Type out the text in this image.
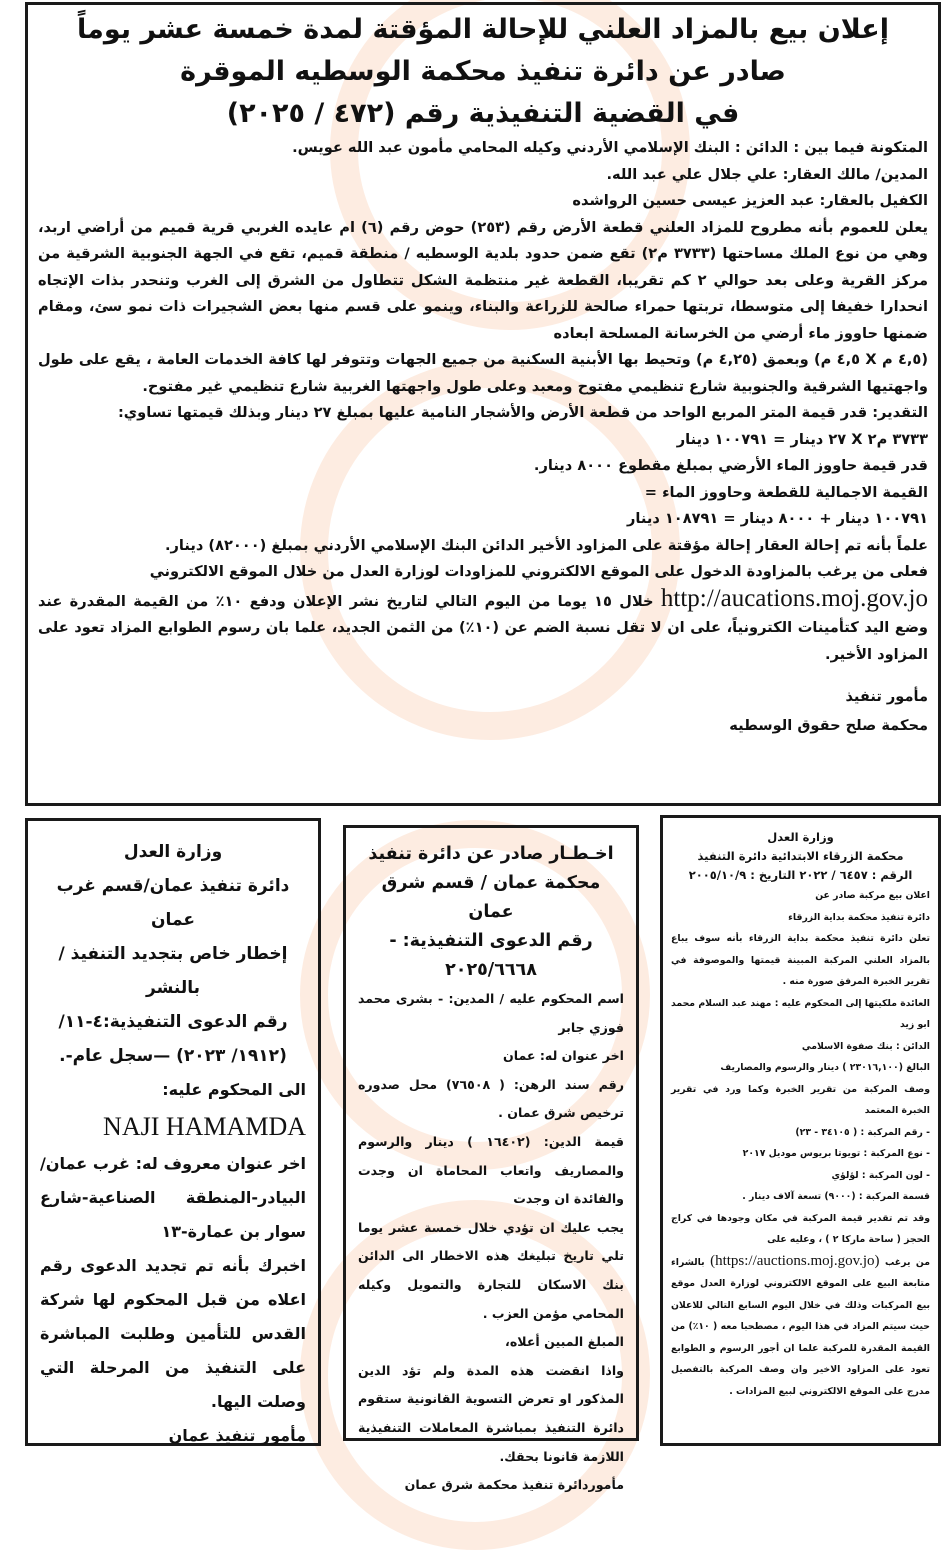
إعلان بيع بالمزاد العلني للإحالة المؤقتة لمدة خمسة عشر يوماً
صادر عن دائرة تنفيذ محكمة الوسطيه الموقرة
في القضية التنفيذية رقم (٤٧٢ / ٢٠٢٥)

المتكونة فيما بين : الدائن : البنك الإسلامي الأردني وكيله المحامي مأمون عبد الله عويس.

المدين/ مالك العقار: علي جلال علي عبد الله.

الكفيل بالعقار: عبد العزيز عيسى حسين الرواشده

يعلن للعموم بأنه مطروح للمزاد العلني قطعة الأرض رقم (٢٥٣) حوض رقم (٦) ام عايده الغربي قرية قميم من أراضي اربد، وهي من نوع الملك مساحتها (٣٧٣٣ م٢) تقع ضمن حدود بلدية الوسطيه / منطقة قميم، تقع في الجهة الجنوبية الشرقية من مركز القرية وعلى بعد حوالي ٢ كم تقريبا، القطعة غير منتظمة الشكل تتطاول من الشرق إلى الغرب وتنحدر بذات الإتجاه انحدارا خفيفا إلى متوسطا، تربتها حمراء صالحة للزراعة والبناء، وينمو على قسم منها بعض الشجيرات ذات نمو سئ، ومقام ضمنها حاووز ماء أرضي من الخرسانة المسلحة ابعاده

(٤,٥ م X ٤,٥ م) وبعمق (٤,٢٥ م) وتحيط بها الأبنية السكنية من جميع الجهات وتتوفر لها كافة الخدمات العامة ، يقع على طول واجهتيها الشرقية والجنوبية شارع تنظيمي مفتوح ومعبد وعلى طول واجهتها الغربية شارع تنظيمي غير مفتوح.

التقدير: قدر قيمة المتر المربع الواحد من قطعة الأرض والأشجار النامية عليها بمبلغ ٢٧ دينار وبذلك قيمتها تساوي:

٣٧٣٣ م٢ X ٢٧ دينار = ١٠٠٧٩١ دينار

قدر قيمة حاووز الماء الأرضي بمبلغ مقطوع ٨٠٠٠ دينار.

القيمة الاجمالية للقطعة وحاووز الماء =

١٠٠٧٩١ دينار + ٨٠٠٠ دينار = ١٠٨٧٩١ دينار

علماً بأنه تم إحالة العقار إحالة مؤقتة على المزاود الأخير الدائن البنك الإسلامي الأردني بمبلغ (٨٢٠٠٠) دينار.

فعلى من يرغب بالمزاودة الدخول على الموقع الالكتروني للمزاودات لوزارة العدل من خلال الموقع الالكتروني

http://aucations.moj.gov.jo خلال ١٥ يوما من اليوم التالي لتاريخ نشر الإعلان ودفع ١٠٪ من القيمة المقدرة عند وضع اليد كتأمينات الكترونياً، على ان لا تقل نسبة الضم عن (١٠٪) من الثمن الجديد، علما بان رسوم الطوابع المزاد تعود على المزاود الأخير.

مأمور تنفيذ

محكمة صلح حقوق الوسطيه

وزارة العدل
دائرة تنفيذ عمان/قسم غرب عمان
إخطار خاص بتجديد التنفيذ / بالنشر
رقم الدعوى التنفيذية:٤-١١/ (١٩١٢/ ٢٠٢٣) —سجل عام-.

الى المحكوم عليه:

NAJI HAMAMDA

اخر عنوان معروف له: غرب عمان/ البيادر-المنطقة الصناعية-شارع سوار بن عمارة-١٣

اخبرك بأنه تم تجديد الدعوى رقم اعلاه من قبل المحكوم لها شركة القدس للتأمين وطلبت المباشرة على التنفيذ من المرحلة التي وصلت اليها.

مأمور تنفيذ عمان

اخـطـار صادر عن دائرة تنفيذ محكمة عمان / قسم شرق عمان
رقم الدعوى التنفيذية: - ٢٠٢٥/٦٦٦٨

اسم المحكوم عليه / المدين: - بشرى محمد فوزي جابر

اخر عنوان له: عمان

رقم سند الرهن: ( ٧٦٥٠٨) محل صدوره ترخيص شرق عمان .

قيمة الدين: (١٦٤٠٢ ) دينار والرسوم والمصاريف واتعاب المحاماة ان وجدت والفائدة ان وجدت

يجب عليك ان تؤدي خلال خمسة عشر يوما تلي تاريخ تبليغك هذه الاخطار الى الدائن بنك الاسكان للتجارة والتمويل وكيله المحامي مؤمن العزب .

المبلغ المبين أعلاه،

واذا انقضت هذه المدة ولم تؤد الدين المذكور او تعرض التسوية القانونية ستقوم دائرة التنفيذ بمباشرة المعاملات التنفيذية اللازمة قانونا بحقك.

مأموردائرة تنفيذ محكمة شرق عمان

وزارة العدل
محكمة الزرقاء الابتدائية دائرة التنفيذ
الرقم : ٦٤٥٧ / ٢٠٢٢ التاريخ : ٢٠٠٥/١٠/٩

اعلان بيع مركبة صادر عن

دائرة تنفيذ محكمة بداية الزرقاء

تعلن دائرة تنفيذ محكمة بداية الزرقاء بأنه سوف يباع بالمزاد العلني المركبة المبينة قيمتها والموصوفة في تقرير الخبرة المرفق صورة منه .

العائدة ملكيتها إلى المحكوم عليه : مهند عبد السلام محمد ابو زيد

الدائن : بنك صفوة الاسلامي

البالغ (٢٣٠١٦,١٠٠ ) دينار والرسوم والمصاريف

وصف المركبة من تقرير الخبرة وكما ورد في تقرير الخبرة المعتمد

- رقم المركبة : ( ٣٤١٠٥ - ٢٣)

- نوع المركبة : تويوتا بريوس موديل ٢٠١٧

- لون المركبة : لؤلؤي

قسمة المركبة : (٩٠٠٠) تسعة آلاف دينار .

وقد تم تقدير قيمة المركبة في مكان وجودها في كراج الحجز ( ساحة ماركا ٢ ) ، وعليه على

من يرغب (https://auctions.moj.gov.jo) بالشراء متابعة البيع على الموقع الالكتروني لوزارة العدل موقع بيع المركبات وذلك في خلال اليوم السابع التالي للاعلان حيث سيتم المزاد في هذا اليوم ، مصطحبا معه ( ١٠٪) من القيمة المقدرة للمركبة علما ان أجور الرسوم و الطوابع تعود على المزاود الاخير وان وصف المركبة بالتفصيل مدرج على الموقع الالكتروني لبيع المزادات .
